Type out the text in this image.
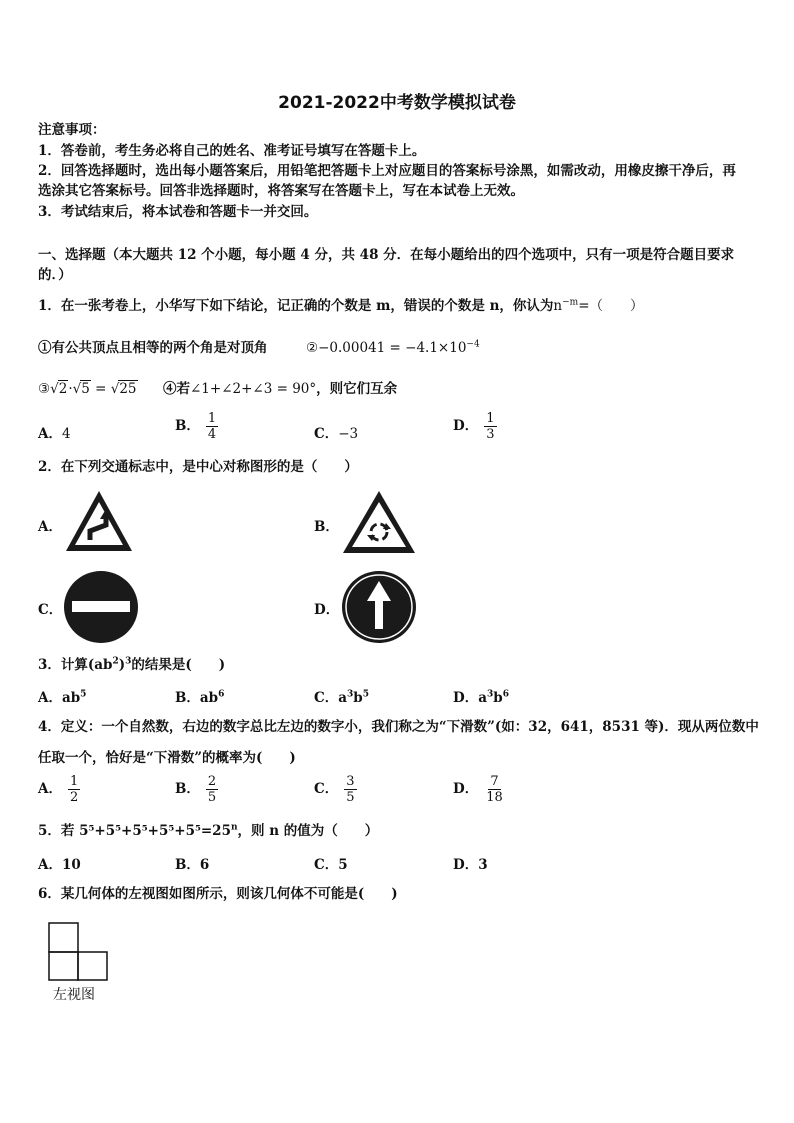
2021-2022中考数学模拟试卷
注意事项：
1．答卷前，考生务必将自己的姓名、准考证号填写在答题卡上。
2．回答选择题时，选出每小题答案后，用铅笔把答题卡上对应题目的答案标号涂黑，如需改动，用橡皮擦干净后，再
选涂其它答案标号。回答非选择题时，将答案写在答题卡上，写在本试卷上无效。
3．考试结束后，将本试卷和答题卡一并交回。
一、选择题（本大题共 12 个小题，每小题 4 分，共 48 分．在每小题给出的四个选项中，只有一项是符合题目要求
的．）
1．在一张考卷上，小华写下如下结论，记正确的个数是 m，错误的个数是 n，你认为$n^{-m}=$（　　）
①有公共顶点且相等的两个角是对顶角	②−0.00041 = $-4.1\times 10^{-4}$
③√2·√5 = √25 ④若∠1+∠2+∠3 = 90°，则它们互余
A．4	B． $\frac{1}{4}$	C．−3	D． $\frac{1}{3}$
2．在下列交通标志中，是中心对称图形的是（　　）
A．	B．
C．	D．
3．计算$(ab^2)^3$的结果是(　　)
A．$ab^5$	B．$ab^6$	C．$a^3b^5$	D．$a^3b^6$
4．定义：一个自然数，右边的数字总比左边的数字小，我们称之为“下滑数”(如：32，641，8531 等)．现从两位数中
任取一个，恰好是“下滑数”的概率为(　　)
A． $\frac{1}{2}$	B． $\frac{2}{5}$	C． $\frac{3}{5}$	D． $\frac{7}{18}$
5．若 $5^5+5^5+5^5+5^5+5^5=25^n$，则 n 的值为（　　）
A．10	B．6	C．5	D．3
6．某几何体的左视图如图所示，则该几何体不可能是(　　)
左视图
